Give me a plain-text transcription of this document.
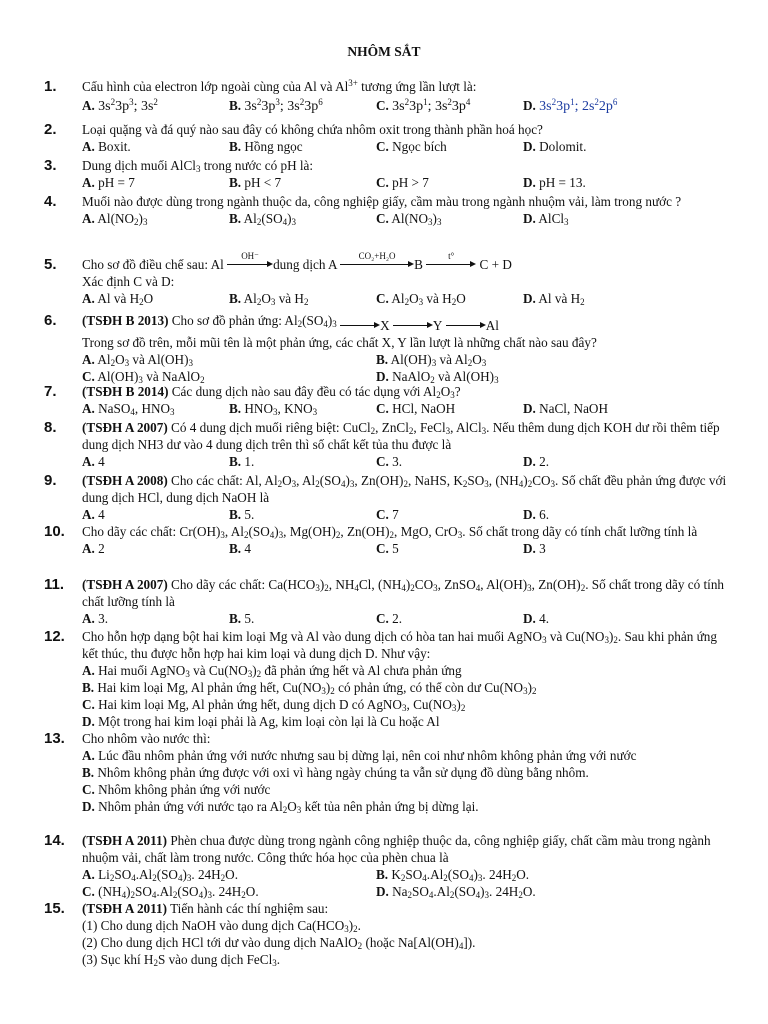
NHÔM SẮT
1.	Cấu hình của electron lớp ngoài cùng của Al và $Al^{3+}$ tương ứng lần lượt là:
A. $3s^23p^3$; $3s^2$	B. $3s^23p^3$; $3s^23p^6$	C. $3s^23p^1$; $3s^23p^4$	D. $3s^23p^1$; $2s^22p^6$
2.	Loại quặng và đá quý nào sau đây có không chứa nhôm oxit trong thành phần hoá học?
A. Boxit.	B. Hồng ngọc	C. Ngọc bích	D. Dolomit.
3.	Dung dịch muối AlCl$_3$ trong nước có pH là:
A. pH = 7	B. pH < 7	C. pH > 7	D. pH = 13.
4.	Muối nào được dùng trong ngành thuộc da, công nghiệp giấy, cầm màu trong ngành nhuộm vải, làm trong nước ?
A. $Al(NO_2)_3$	B. $Al_2(SO_4)_3$	C. $Al(NO_3)_3$	D. AlCl$_3$
5.	Cho sơ đồ điều chế sau: Al
OH⁻
dung dịch A
CO₂+H₂O
B
t°
C + D
Xác định C và D:
A. Al và $H_2O$	B. $Al_2O_3$ và $H_2$	C. $Al_2O_3$ và $H_2O$	D. Al và $H_2$
6.	(TSĐH B 2013) Cho sơ đồ phản ứng: $Al_2(SO_4)_3$	X	Y	Al
Trong sơ đồ trên, mỗi mũi tên là một phản ứng, các chất X, Y lần lượt là những chất nào sau đây?
A. $Al_2O_3$ và $Al(OH)_3$	B. $Al(OH)_3$ và $Al_2O_3$
C. $Al(OH)_3$ và NaAlO$_2$	D. NaAlO$_2$ và $Al(OH)_3$
7.	(TSĐH B 2014) Các dung dịch nào sau đây đều có tác dụng với $Al_2O_3$?
A. NaSO$_4$, $HNO_3$	B. $HNO_3$, $KNO_3$	C. HCl, NaOH	D. NaCl, NaOH
8.	(TSĐH A 2007) Có 4 dung dịch muối riêng biệt: CuCl$_2$, ZnCl$_2$, FeCl$_3$, AlCl$_3$. Nếu thêm dung dịch KOH dư rồi thêm tiếp dung dịch NH3 dư vào 4 dung dịch trên thì số chất kết tủa thu được là
A. 4	B. 1.	C. 3.	D. 2.
9.	(TSĐH A 2008) Cho các chất: Al, $Al_2O_3$, $Al_2(SO_4)_3$, $Zn(OH)_2$, NaHS, $K_2SO_3$, $(NH_4)_2CO_3$. Số chất đều phản ứng được với dung dịch HCl, dung dịch NaOH là
A. 4	B. 5.	C. 7	D. 6.
10.	Cho dãy các chất: $Cr(OH)_3$, $Al_2(SO_4)_3$, $Mg(OH)_2$, $Zn(OH)_2$, MgO, CrO$_3$. Số chất trong dãy có tính chất lưỡng tính là
A. 2	B. 4	C. 5	D. 3
11.	(TSĐH A 2007) Cho dãy các chất: $Ca(HCO_3)_2$, $NH_4Cl$, $(NH_4)_2CO_3$, ZnSO$_4$, $Al(OH)_3$, $Zn(OH)_2$. Số chất trong dãy có tính chất lưỡng tính là
A. 3.	B. 5.	C. 2.	D. 4.
12.	Cho hỗn hợp dạng bột hai kim loại Mg và Al vào dung dịch có hòa tan hai muối AgNO$_3$ và $Cu(NO_3)_2$. Sau khi phản ứng kết thúc, thu được hỗn hợp hai kim loại và dung dịch D. Như vậy:
A. Hai muối AgNO$_3$ và $Cu(NO_3)_2$ đã phản ứng hết và Al chưa phản ứng
B. Hai kim loại Mg, Al phản ứng hết, $Cu(NO_3)_2$ có phản ứng, có thể còn dư $Cu(NO_3)_2$
C. Hai kim loại Mg, Al phản ứng hết, dung dịch D có AgNO$_3$, $Cu(NO_3)_2$
D. Một trong hai kim loại phải là Ag, kim loại còn lại là Cu hoặc Al
13.	Cho nhôm vào nước thì:
A. Lúc đầu nhôm phản ứng với nước nhưng sau bị dừng lại, nên coi như nhôm không phản ứng với nước
B. Nhôm không phản ứng được với oxi vì hàng ngày chúng ta vẫn sử dụng đồ dùng bằng nhôm.
C. Nhôm không phản ứng với nước
D. Nhôm phản ứng với nước tạo ra $Al_2O_3$ kết tủa nên phản ứng bị dừng lại.
14.	(TSĐH A 2011) Phèn chua được dùng trong ngành công nghiệp thuộc da, công nghiệp giấy, chất cầm màu trong ngành nhuộm vải, chất làm trong nước. Công thức hóa học của phèn chua là
A. $Li_2SO_4.Al_2(SO_4)_3$. $24H_2O$.	B. $K_2SO_4.Al_2(SO_4)_3$. $24H_2O$.
C. $(NH_4)_2SO_4.Al_2(SO_4)_3$. $24H_2O$.	D. $Na_2SO_4.Al_2(SO_4)_3$. $24H_2O$.
15.	(TSĐH A 2011) Tiến hành các thí nghiệm sau:
(1) Cho dung dịch NaOH vào dung dịch $Ca(HCO_3)_2$.
(2) Cho dung dịch HCl tới dư vào dung dịch NaAlO$_2$ (hoặc $Na[Al(OH)_4]$).
(3) Sục khí $H_2S$ vào dung dịch FeCl$_3$.
